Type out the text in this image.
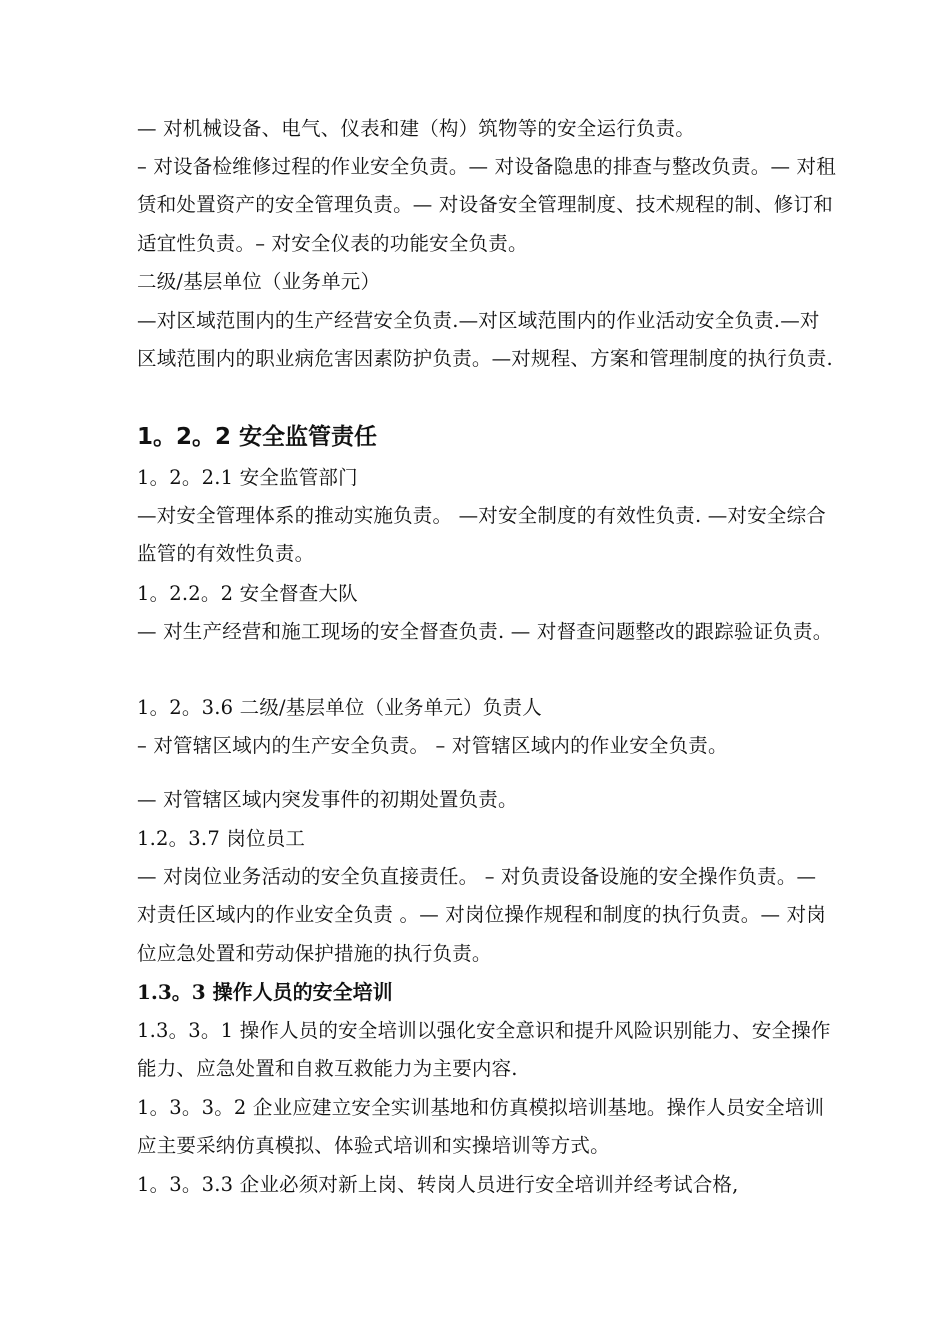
— 对机械设备、电气、仪表和建（构）筑物等的安全运行负责。

– 对设备检维修过程的作业安全负责。— 对设备隐患的排查与整改负责。— 对租赁和处置资产的安全管理负责。— 对设备安全管理制度、技术规程的制、修订和适宜性负责。– 对安全仪表的功能安全负责。

二级/基层单位（业务单元）

—对区域范围内的生产经营安全负责.—对区域范围内的作业活动安全负责.—对区域范围内的职业病危害因素防护负责。—对规程、方案和管理制度的执行负责.

1。2。2 安全监管责任

1。2。2.1 安全监管部门

—对安全管理体系的推动实施负责。 —对安全制度的有效性负责. —对安全综合监管的有效性负责。

1。2.2。2 安全督查大队

— 对生产经营和施工现场的安全督查负责. — 对督查问题整改的跟踪验证负责。

1。2。3.6 二级/基层单位（业务单元）负责人

– 对管辖区域内的生产安全负责。 – 对管辖区域内的作业安全负责。

— 对管辖区域内突发事件的初期处置负责。

1.2。3.7 岗位员工

— 对岗位业务活动的安全负直接责任。 – 对负责设备设施的安全操作负责。— 对责任区域内的作业安全负责 。— 对岗位操作规程和制度的执行负责。— 对岗位应急处置和劳动保护措施的执行负责。

1.3。3 操作人员的安全培训

1.3。3。1 操作人员的安全培训以强化安全意识和提升风险识别能力、安全操作能力、应急处置和自救互救能力为主要内容.

1。3。3。2 企业应建立安全实训基地和仿真模拟培训基地。操作人员安全培训应主要采纳仿真模拟、体验式培训和实操培训等方式。

1。3。3.3 企业必须对新上岗、转岗人员进行安全培训并经考试合格,
